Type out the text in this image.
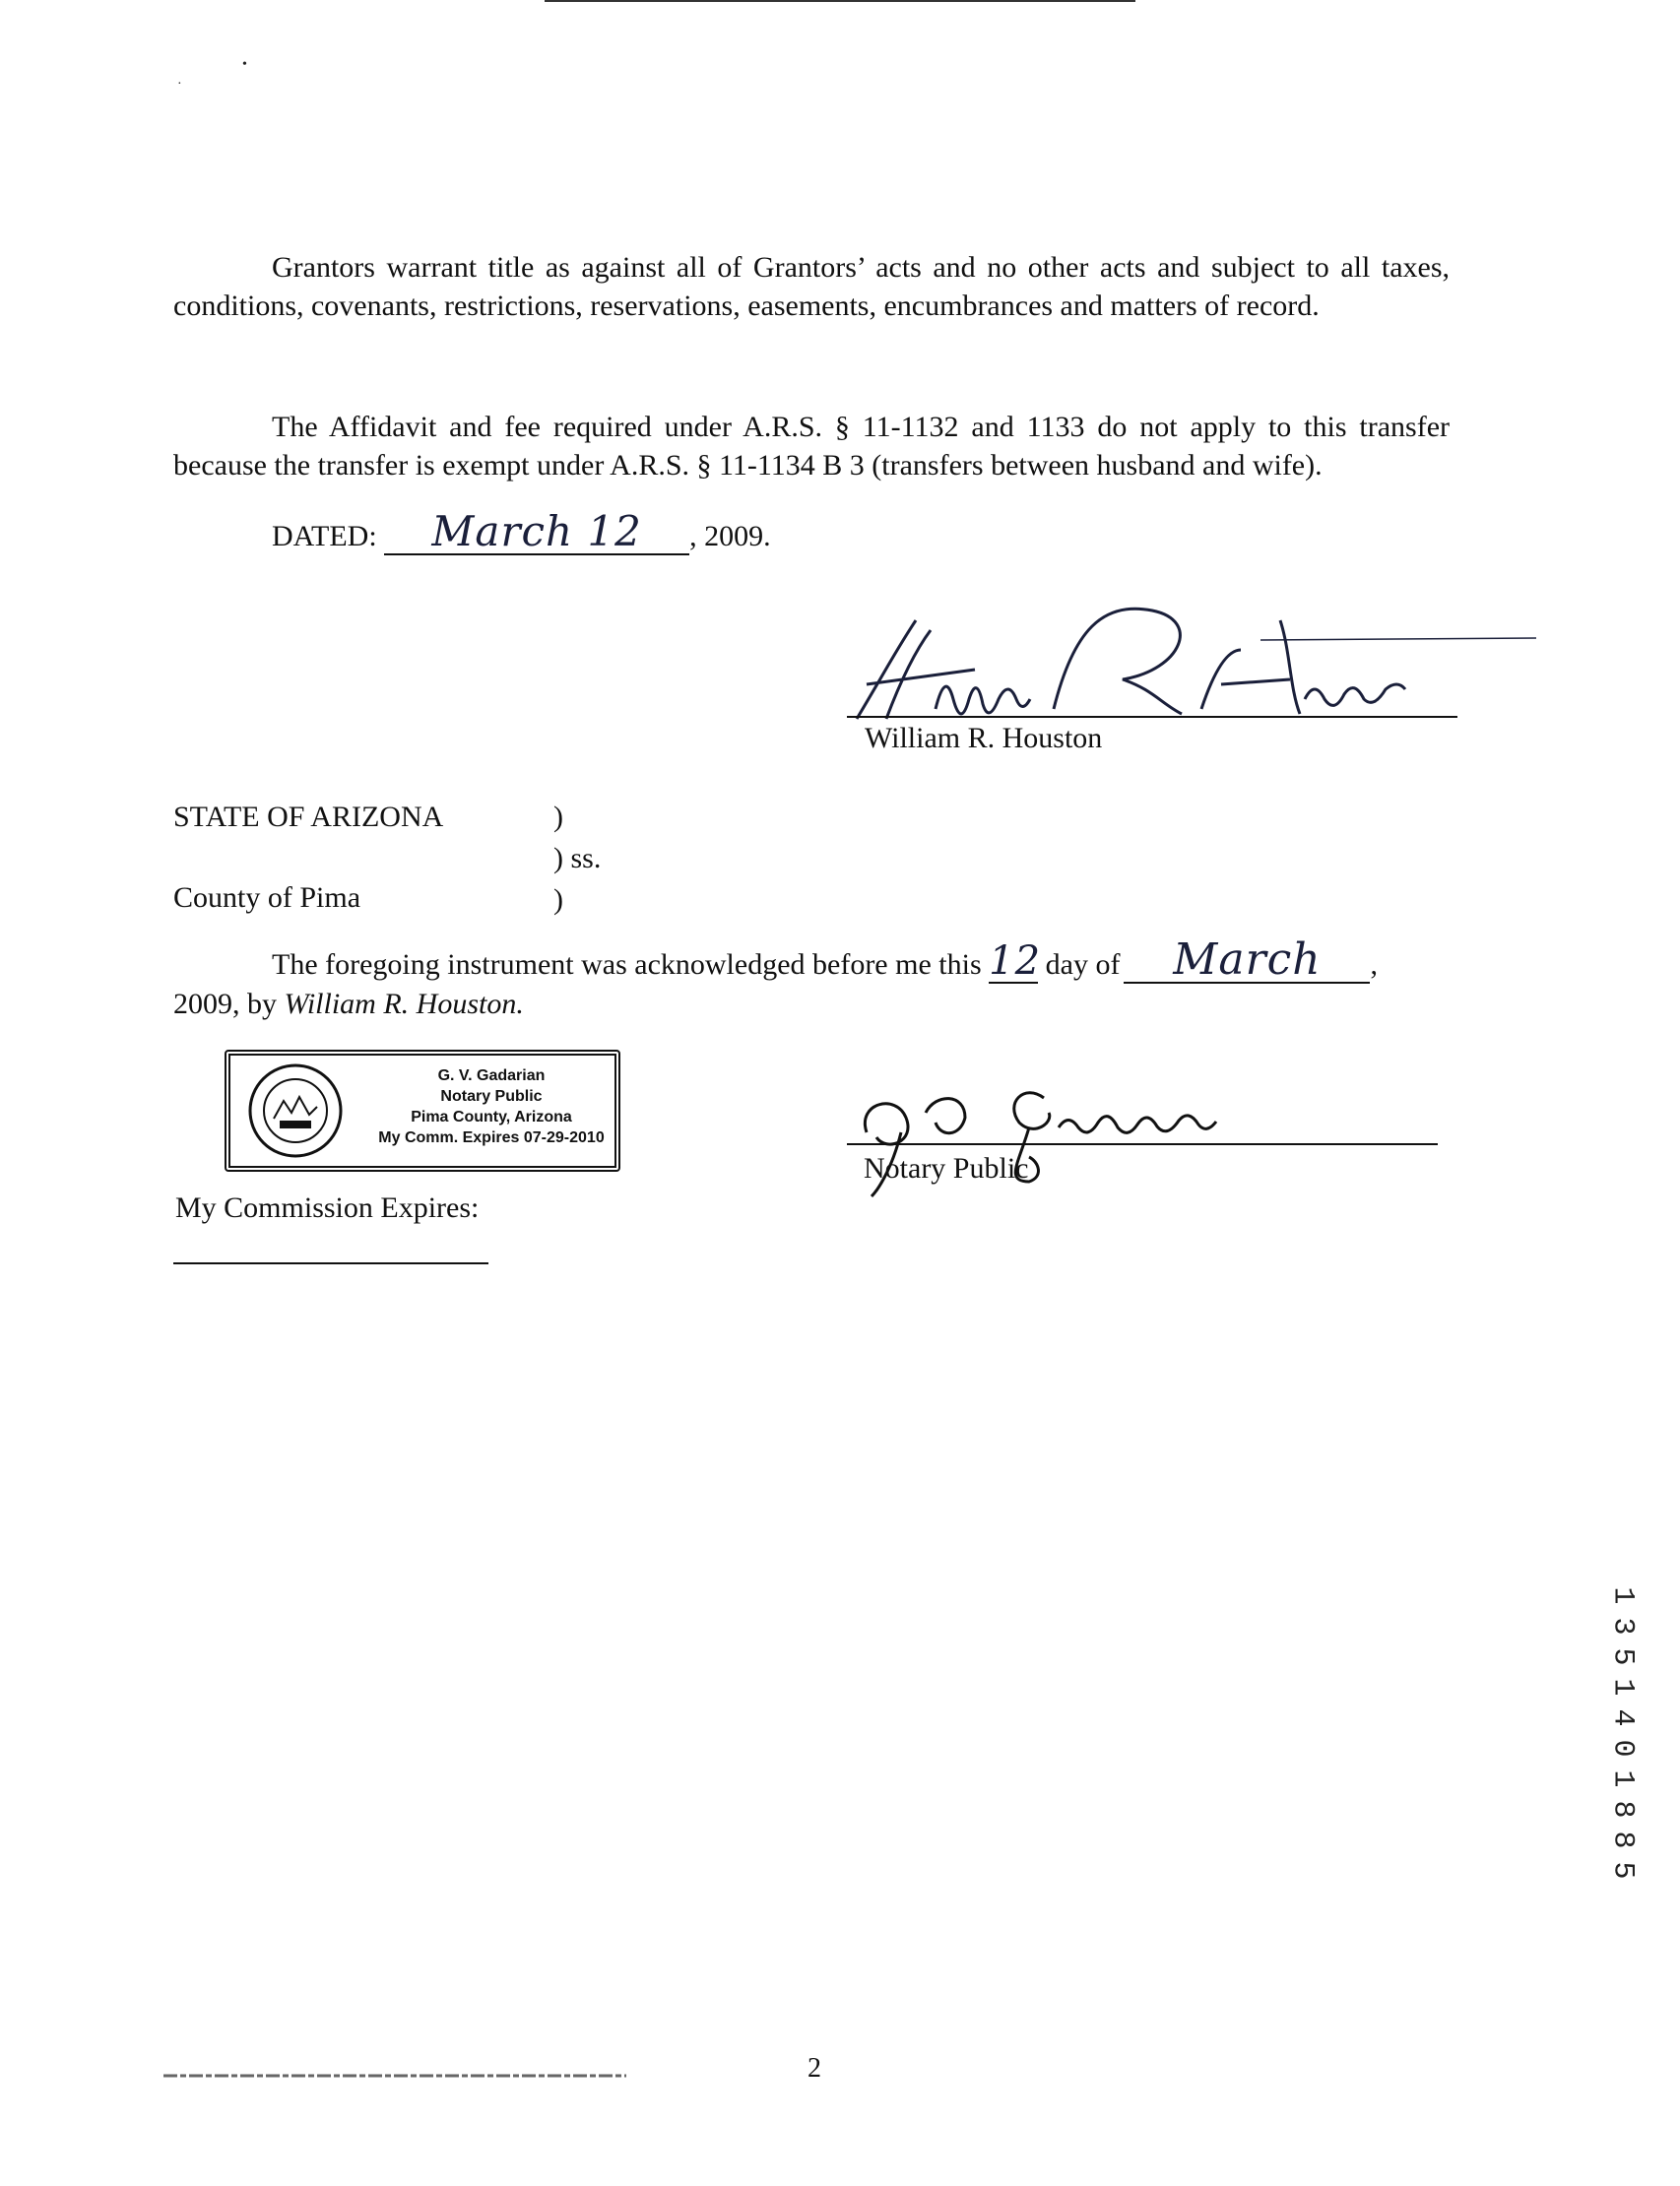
•
·

Grantors warrant title as against all of Grantors’ acts and no other acts and subject to all taxes, conditions, covenants, restrictions, reservations, easements, encumbrances and matters of record.

The Affidavit and fee required under A.R.S. § 11-1132 and 1133 do not apply to this transfer because the transfer is exempt under A.R.S. § 11-1134 B 3 (transfers between husband and wife).

DATED: March 12 , 2009.
William R. Houston
STATE OF ARIZONA	)
) ss.
County of Pima	)
The foregoing instrument was acknowledged before me this 12 day of March ,
2009, by William R. Houston.
G. V. Gadarian
Notary Public
Pima County, Arizona
My Comm. Expires 07-29-2010
Notary Public
My Commission Expires:
1
3
5
1
4
0
1
8
8
5
2
